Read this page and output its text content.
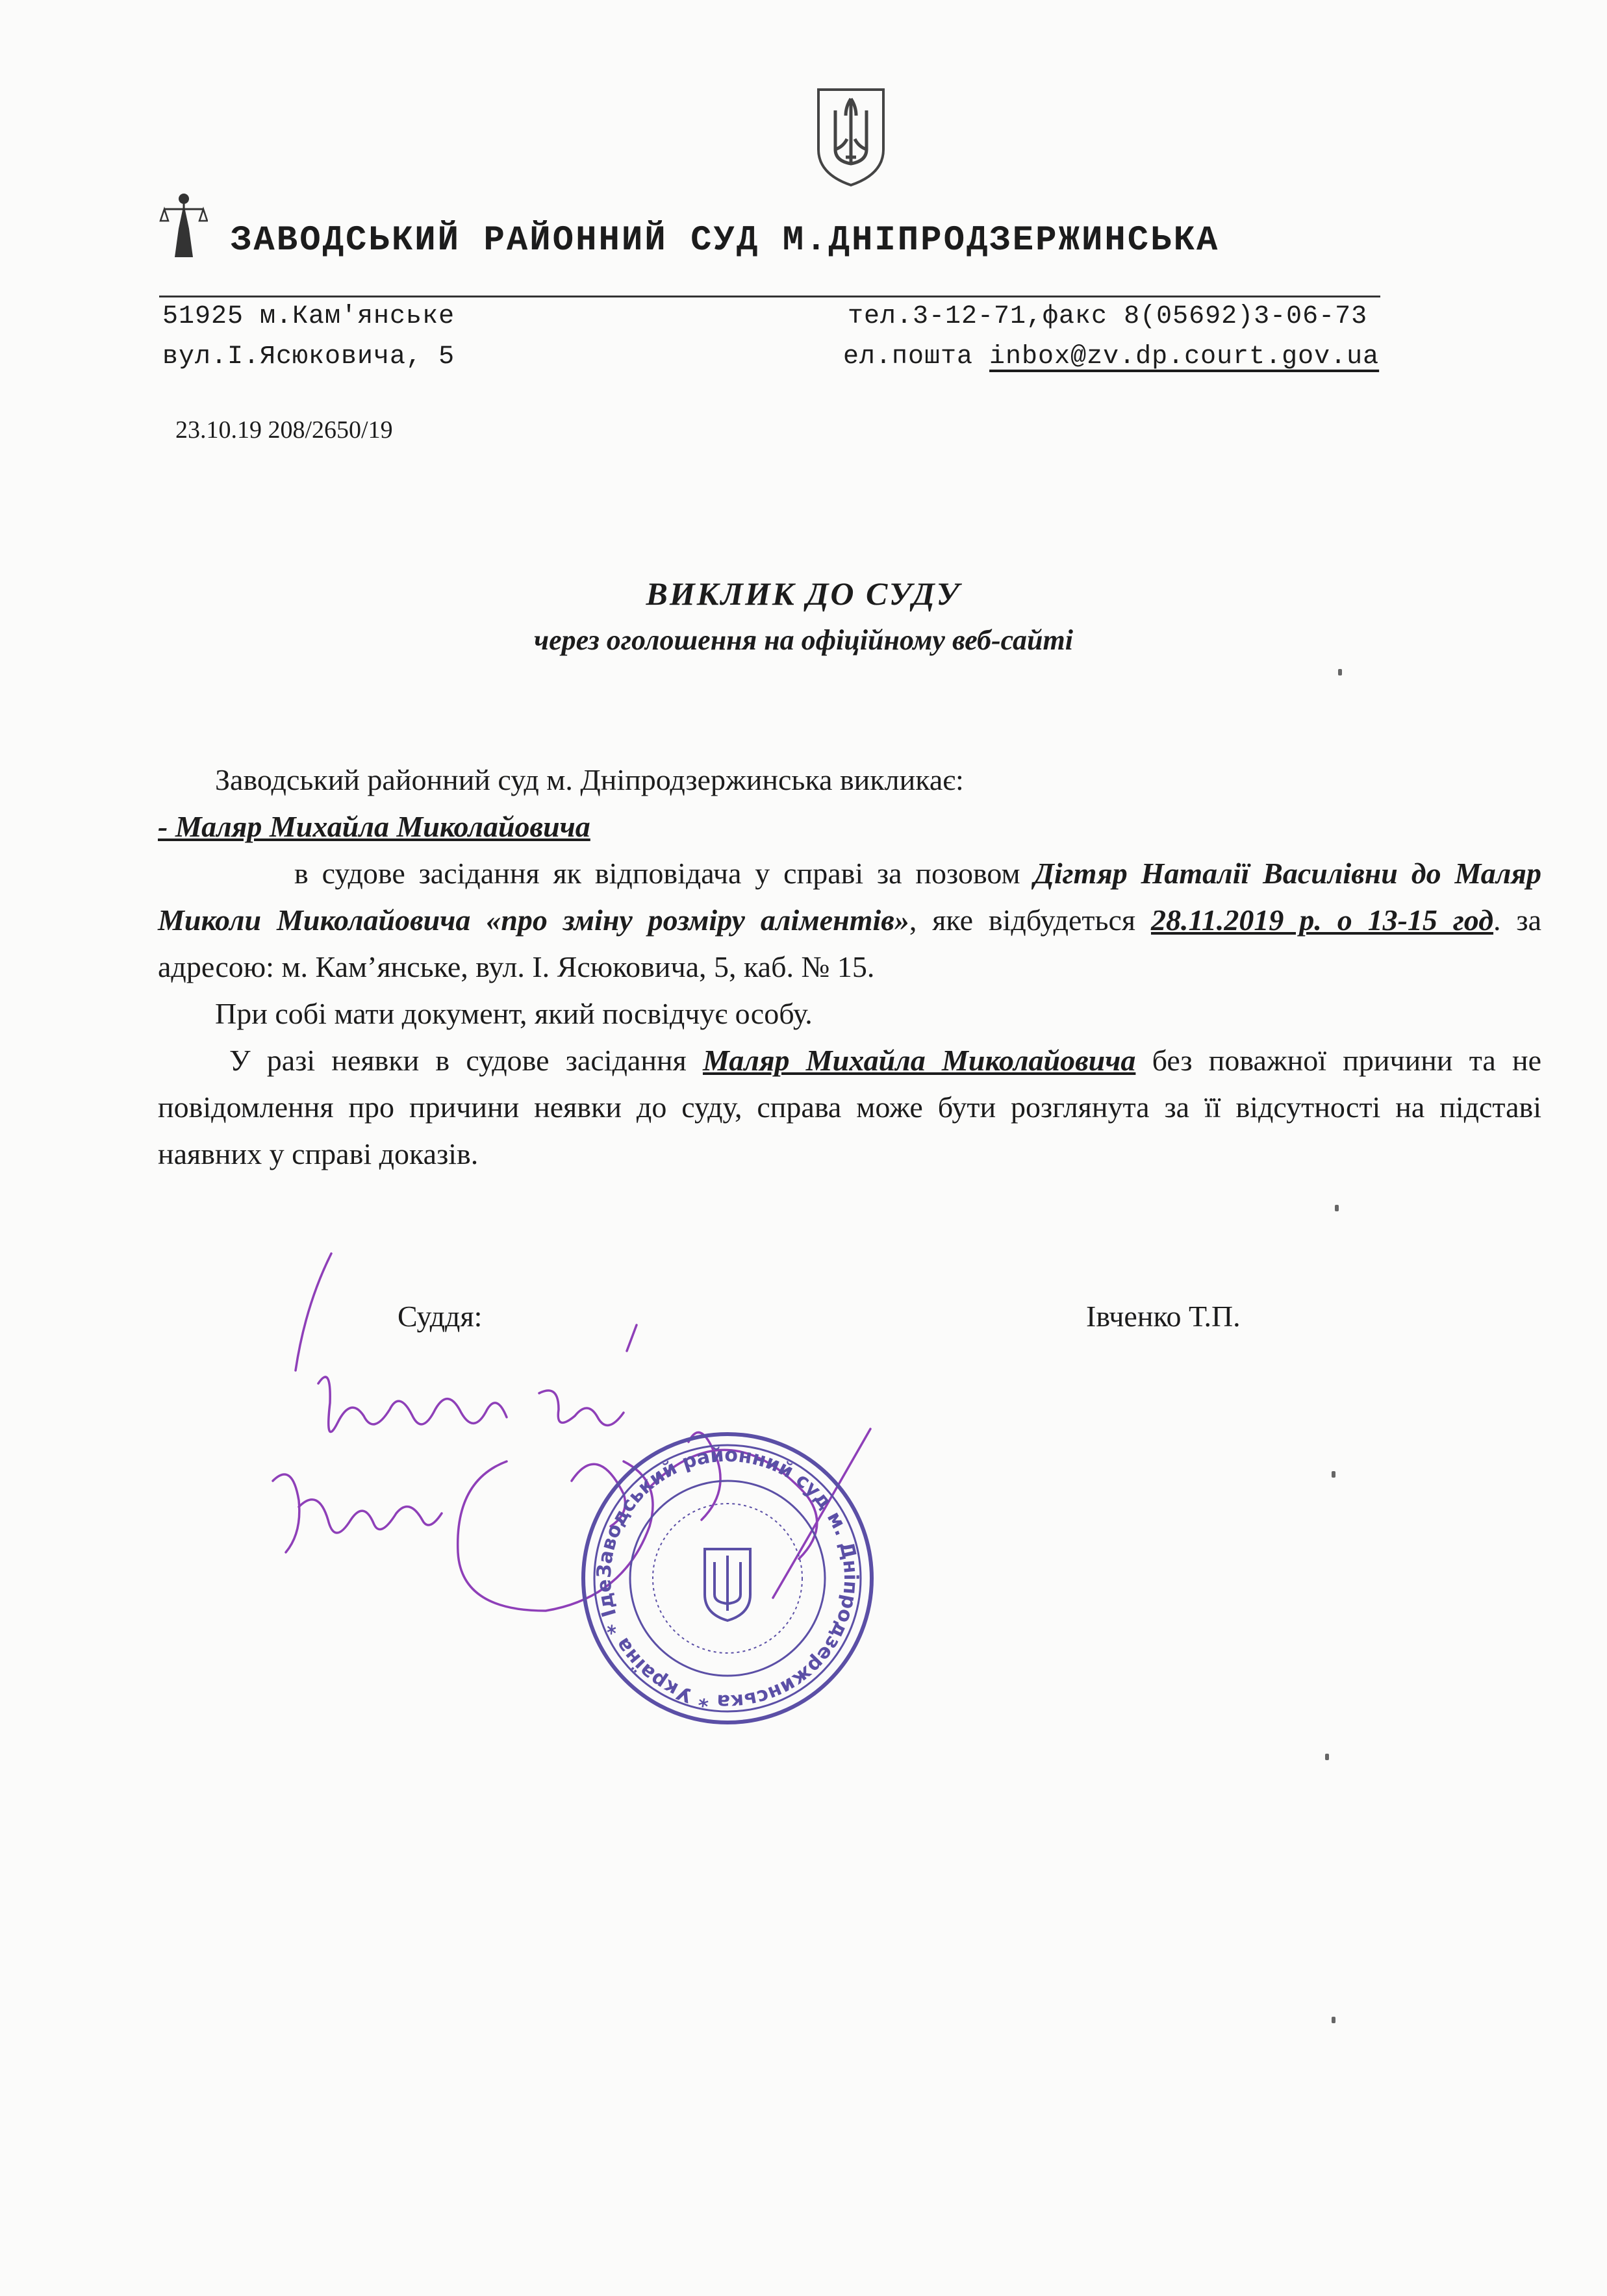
ЗАВОДСЬКИЙ РАЙОННИЙ СУД М.ДНІПРОДЗЕРЖИНСЬКА
51925 м.Кам'янське
вул.І.Ясюковича, 5
тел.3-12-71,факс 8(05692)3-06-73
ел.пошта inbox@zv.dp.court.gov.ua
23.10.19 208/2650/19
ВИКЛИК ДО СУДУ
через оголошення на офіційному веб-сайті
Заводський районний суд м. Дніпродзержинська викликає:
- Маляр Михайла Миколайовича
в судове засідання як відповідача у справі за позовом Дігтяр Наталії Василівни до Маляр Миколи Миколайовича «про зміну розміру аліментів», яке відбудеться 28.11.2019 р. о 13-15 год. за адресою: м. Кам’янське, вул. І. Ясюковича, 5, каб. № 15.
При собі мати документ, який посвідчує особу.
У разі неявки в судове засідання Маляр Михайла Миколайовича без поважної причини та не повідомлення про причини неявки до суду, справа може бути розглянута за її відсутності на підставі наявних у справі доказів.
Суддя:	Івченко Т.П.
Заводський районний суд м. Дніпродзержинська * Україна * Іде
